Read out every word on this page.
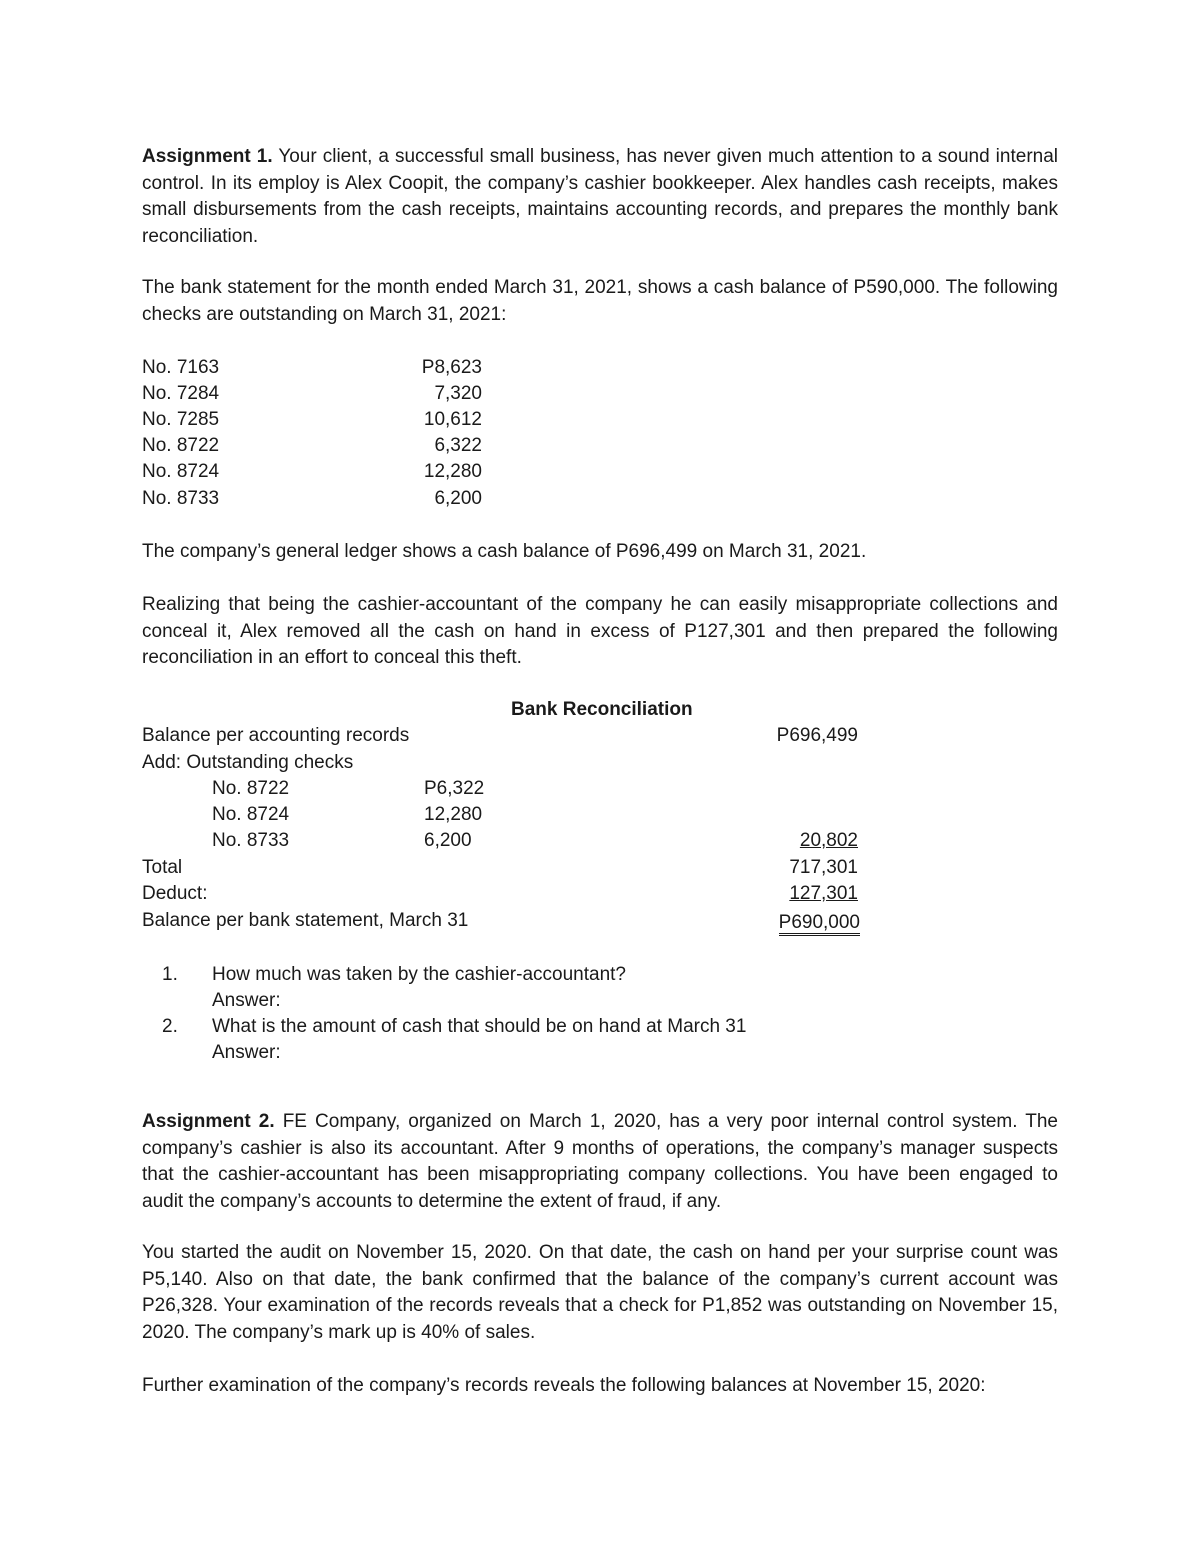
Assignment 1. Your client, a successful small business, has never given much attention to a sound internal control. In its employ is Alex Coopit, the company’s cashier bookkeeper. Alex handles cash receipts, makes small disbursements from the cash receipts, maintains accounting records, and prepares the monthly bank reconciliation.

The bank statement for the month ended March 31, 2021, shows a cash balance of P590,000. The following checks are outstanding on March 31, 2021:

No. 7163	P8,623
No. 7284	7,320
No. 7285	10,612
No. 8722	6,322
No. 8724	12,280
No. 8733	6,200

The company’s general ledger shows a cash balance of P696,499 on March 31, 2021.

Realizing that being the cashier-accountant of the company he can easily misappropriate collections and conceal it, Alex removed all the cash on hand in excess of P127,301 and then prepared the following reconciliation in an effort to conceal this theft.

Bank Reconciliation
Balance per accounting records	P696,499
Add: Outstanding checks
No. 8722	P6,322
No. 8724	12,280
No. 8733	6,200	20,802
Total	717,301
Deduct:	127,301
Balance per bank statement, March 31	P690,000
1. How much was taken by the cashier-accountant?
Answer:
2. What is the amount of cash that should be on hand at March 31
Answer:

Assignment 2. FE Company, organized on March 1, 2020, has a very poor internal control system. The company’s cashier is also its accountant. After 9 months of operations, the company’s manager suspects that the cashier-accountant has been misappropriating company collections. You have been engaged to audit the company’s accounts to determine the extent of fraud, if any.

You started the audit on November 15, 2020. On that date, the cash on hand per your surprise count was P5,140. Also on that date, the bank confirmed that the balance of the company’s current account was P26,328. Your examination of the records reveals that a check for P1,852 was outstanding on November 15, 2020. The company’s mark up is 40% of sales.

Further examination of the company’s records reveals the following balances at November 15, 2020:
